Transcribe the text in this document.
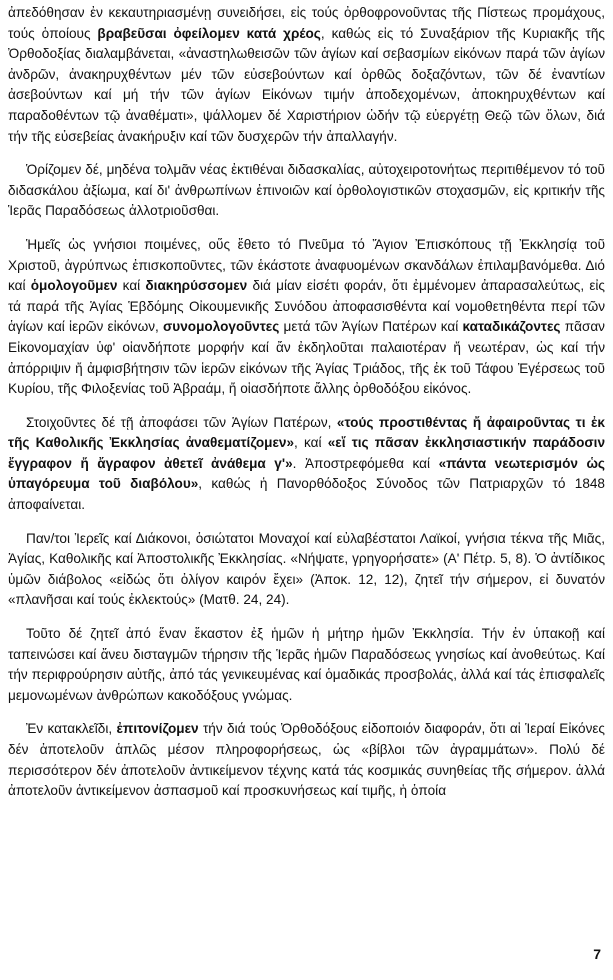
ἀπεδόθησαν ἐν κεκαυτηριασμένῃ συνειδήσει, εἰς τούς ὀρθοφρονοῦντας τῆς Πίστεως προμάχους, τούς ὁποίους βραβεῦσαι ὀφείλομεν κατά χρέος, καθώς εἰς τό Συναξάριον τῆς Κυριακῆς τῆς Ὀρθοδοξίας διαλαμβάνεται, «ἀναστηλωθεισῶν τῶν ἁγίων καί σεβασμίων εἰκόνων παρά τῶν ἁγίων ἀνδρῶν, ἀνακηρυχθέντων μέν τῶν εὐσεβούντων καί ὀρθῶς δοξαζόντων, τῶν δέ ἐναντίων ἀσεβούντων καί μή τήν τῶν ἁγίων Εἰκόνων τιμήν ἀποδεχομένων, ἀποκηρυχθέντων καί παραδοθέντων τῷ ἀναθέματι», ψάλλομεν δέ Χαριστήριον ὠδήν τῷ εὐεργέτῃ Θεῷ τῶν ὅλων, διά τήν τῆς εὐσεβείας ἀνακήρυξιν καί τῶν δυσχερῶν τήν ἀπαλλαγήν.

Ὁρίζομεν δέ, μηδένα τολμᾶν νέας ἐκτιθέναι διδασκαλίας, αὐτοχειροτονήτως περιτιθέμενον τό τοῦ διδασκάλου ἀξίωμα, καί δι' ἀνθρωπίνων ἐπινοιῶν καί ὀρθολογιστικῶν στοχασμῶν, εἰς κριτικήν τῆς Ἱερᾶς Παραδόσεως ἀλλοτριοῦσθαι.

Ἡμεῖς ὡς γνήσιοι ποιμένες, οὕς ἔθετο τό Πνεῦμα τό Ἅγιον Ἐπισκόπους τῇ Ἐκκλησίᾳ τοῦ Χριστοῦ, ἀγρύπνως ἐπισκοποῦντες, τῶν ἑκάστοτε ἀναφυομένων σκανδάλων ἐπιλαμβανόμεθα. Διό καί ὁμολογοῦμεν καί διακηρύσσομεν διά μίαν εἰσέτι φοράν, ὅτι ἐμμένομεν ἀπαρασαλεύτως, εἰς τά παρά τῆς Ἁγίας Ἑβδόμης Οἰκουμενικῆς Συνόδου ἀποφασισθέντα καί νομοθετηθέντα περί τῶν ἁγίων καί ἱερῶν εἰκόνων, συνομολογοῦντες μετά τῶν Ἁγίων Πατέρων καί καταδικάζοντες πᾶσαν Εἰκονομαχίαν ὑφ' οἱανδήποτε μορφήν καί ἄν ἐκδηλοῦται παλαιοτέραν ἤ νεωτέραν, ὡς καί τήν ἀπόρριψιν ἤ ἀμφισβήτησιν τῶν ἱερῶν εἰκόνων τῆς Ἁγίας Τριάδος, τῆς ἐκ τοῦ Τάφου Ἐγέρσεως τοῦ Κυρίου, τῆς Φιλοξενίας τοῦ Ἀβραάμ, ἤ οἱασδήποτε ἄλλης ὀρθοδόξου εἰκόνος.

Στοιχοῦντες δέ τῇ ἀποφάσει τῶν Ἁγίων Πατέρων, «τούς προστιθέντας ἤ ἀφαιροῦντας τι ἐκ τῆς Καθολικῆς Ἐκκλησίας ἀναθεματίζομεν», καί «εἴ τις πᾶσαν ἐκκλησιαστικήν παράδοσιν ἔγγραφον ἤ ἄγραφον ἀθετεῖ ἀνάθεμα γ'». Ἀποστρεφόμεθα καί «πάντα νεωτερισμόν ὡς ὑπαγόρευμα τοῦ διαβόλου», καθώς ἡ Πανορθόδοξος Σύνοδος τῶν Πατριαρχῶν τό 1848 ἀποφαίνεται.

Παν/τοι Ἱερεῖς καί Διάκονοι, ὁσιώτατοι Μοναχοί καί εὐλαβέστατοι Λαϊκοί, γνήσια τέκνα τῆς Μιᾶς, Ἁγίας, Καθολικῆς καί Ἀποστολικῆς Ἐκκλησίας. «Νήψατε, γρηγορήσατε» (Α' Πέτρ. 5, 8). Ὁ ἀντίδικος ὑμῶν διάβολος «εἰδώς ὅτι ὀλίγον καιρόν ἔχει» (Ἀποκ. 12, 12), ζητεῖ τήν σήμερον, εἰ δυνατόν «πλανῆσαι καί τούς ἐκλεκτούς» (Ματθ. 24, 24).

Τοῦτο δέ ζητεῖ ἀπό ἕναν ἕκαστον ἐξ ἡμῶν ἡ μήτηρ ἡμῶν Ἐκκλησία. Τήν ἐν ὑπακοῇ καί ταπεινώσει καί ἄνευ δισταγμῶν τήρησιν τῆς Ἱερᾶς ἡμῶν Παραδόσεως γνησίως καί ἀνοθεύτως. Καί τήν περιφρούρησιν αὐτῆς, ἀπό τάς γενικευμένας καί ὁμαδικάς προσβολάς, ἀλλά καί τάς ἐπισφαλεῖς μεμονωμένων ἀνθρώπων κακοδόξους γνώμας.

Ἐν κατακλεῖδι, ἐπιτονίζομεν τήν διά τούς Ὀρθοδόξους εἰδοποιόν διαφοράν, ὅτι αἱ Ἱεραί Εἰκόνες δέν ἀποτελοῦν ἁπλῶς μέσον πληροφορήσεως, ὡς «βίβλοι τῶν ἀγραμμάτων». Πολύ δέ περισσότερον δέν ἀποτελοῦν ἀντικείμενον τέχνης κατά τάς κοσμικάς συνηθείας τῆς σήμερον. ἀλλά ἀποτελοῦν ἀντικείμενον ἀσπασμοῦ καί προσκυνήσεως καί τιμῆς, ἡ ὁποία

7
